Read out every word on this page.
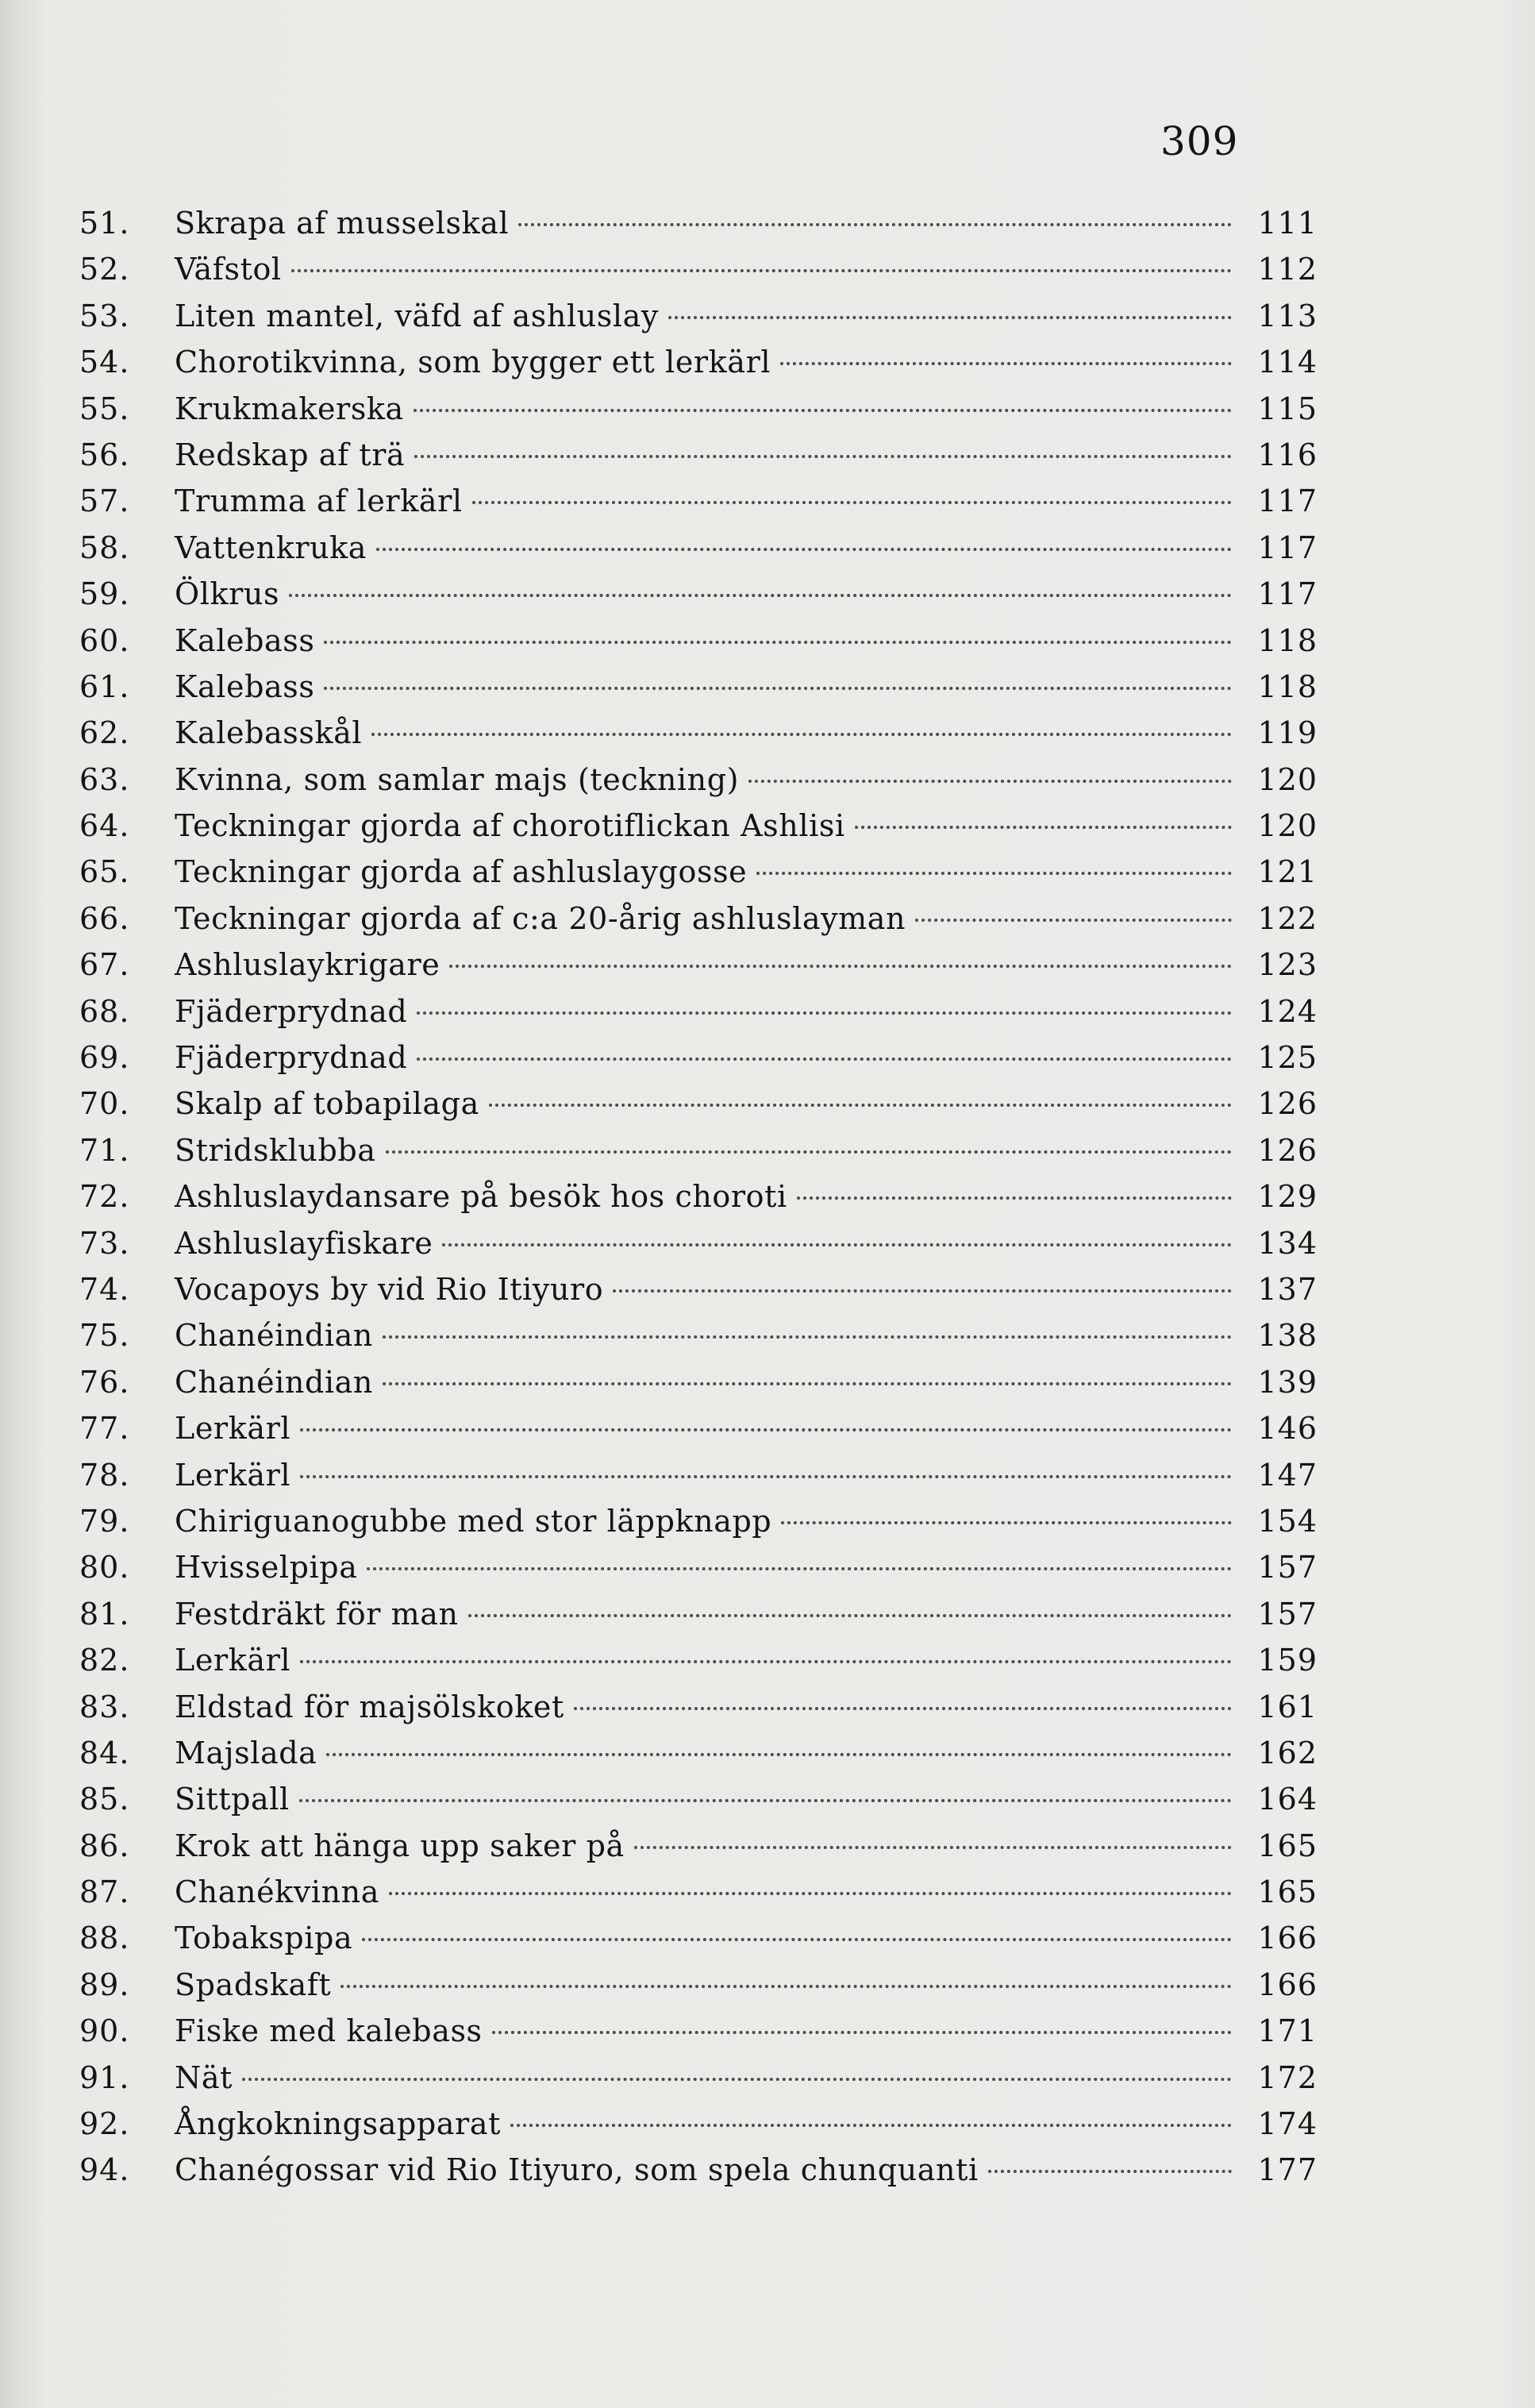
309
51.	Skrapa af musselskal	111
52.	Väfstol	112
53.	Liten mantel, väfd af ashluslay	113
54.	Chorotikvinna, som bygger ett lerkärl	114
55.	Krukmakerska	115
56.	Redskap af trä	116
57.	Trumma af lerkärl	117
58.	Vattenkruka	117
59.	Ölkrus	117
60.	Kalebass	118
61.	Kalebass	118
62.	Kalebasskål	119
63.	Kvinna, som samlar majs (teckning)	120
64.	Teckningar gjorda af chorotiflickan Ashlisi	120
65.	Teckningar gjorda af ashluslaygosse	121
66.	Teckningar gjorda af c:a 20-årig ashluslayman	122
67.	Ashluslaykrigare	123
68.	Fjäderprydnad	124
69.	Fjäderprydnad	125
70.	Skalp af tobapilaga	126
71.	Stridsklubba	126
72.	Ashluslaydansare på besök hos choroti	129
73.	Ashluslayfiskare	134
74.	Vocapoys by vid Rio Itiyuro	137
75.	Chanéindian	138
76.	Chanéindian	139
77.	Lerkärl	146
78.	Lerkärl	147
79.	Chiriguanogubbe med stor läppknapp	154
80.	Hvisselpipa	157
81.	Festdräkt för man	157
82.	Lerkärl	159
83.	Eldstad för majsölskoket	161
84.	Majslada	162
85.	Sittpall	164
86.	Krok att hänga upp saker på	165
87.	Chanékvinna	165
88.	Tobakspipa	166
89.	Spadskaft	166
90.	Fiske med kalebass	171
91.	Nät	172
92.	Ångkokningsapparat	174
94.	Chanégossar vid Rio Itiyuro, som spela chunquanti	177
